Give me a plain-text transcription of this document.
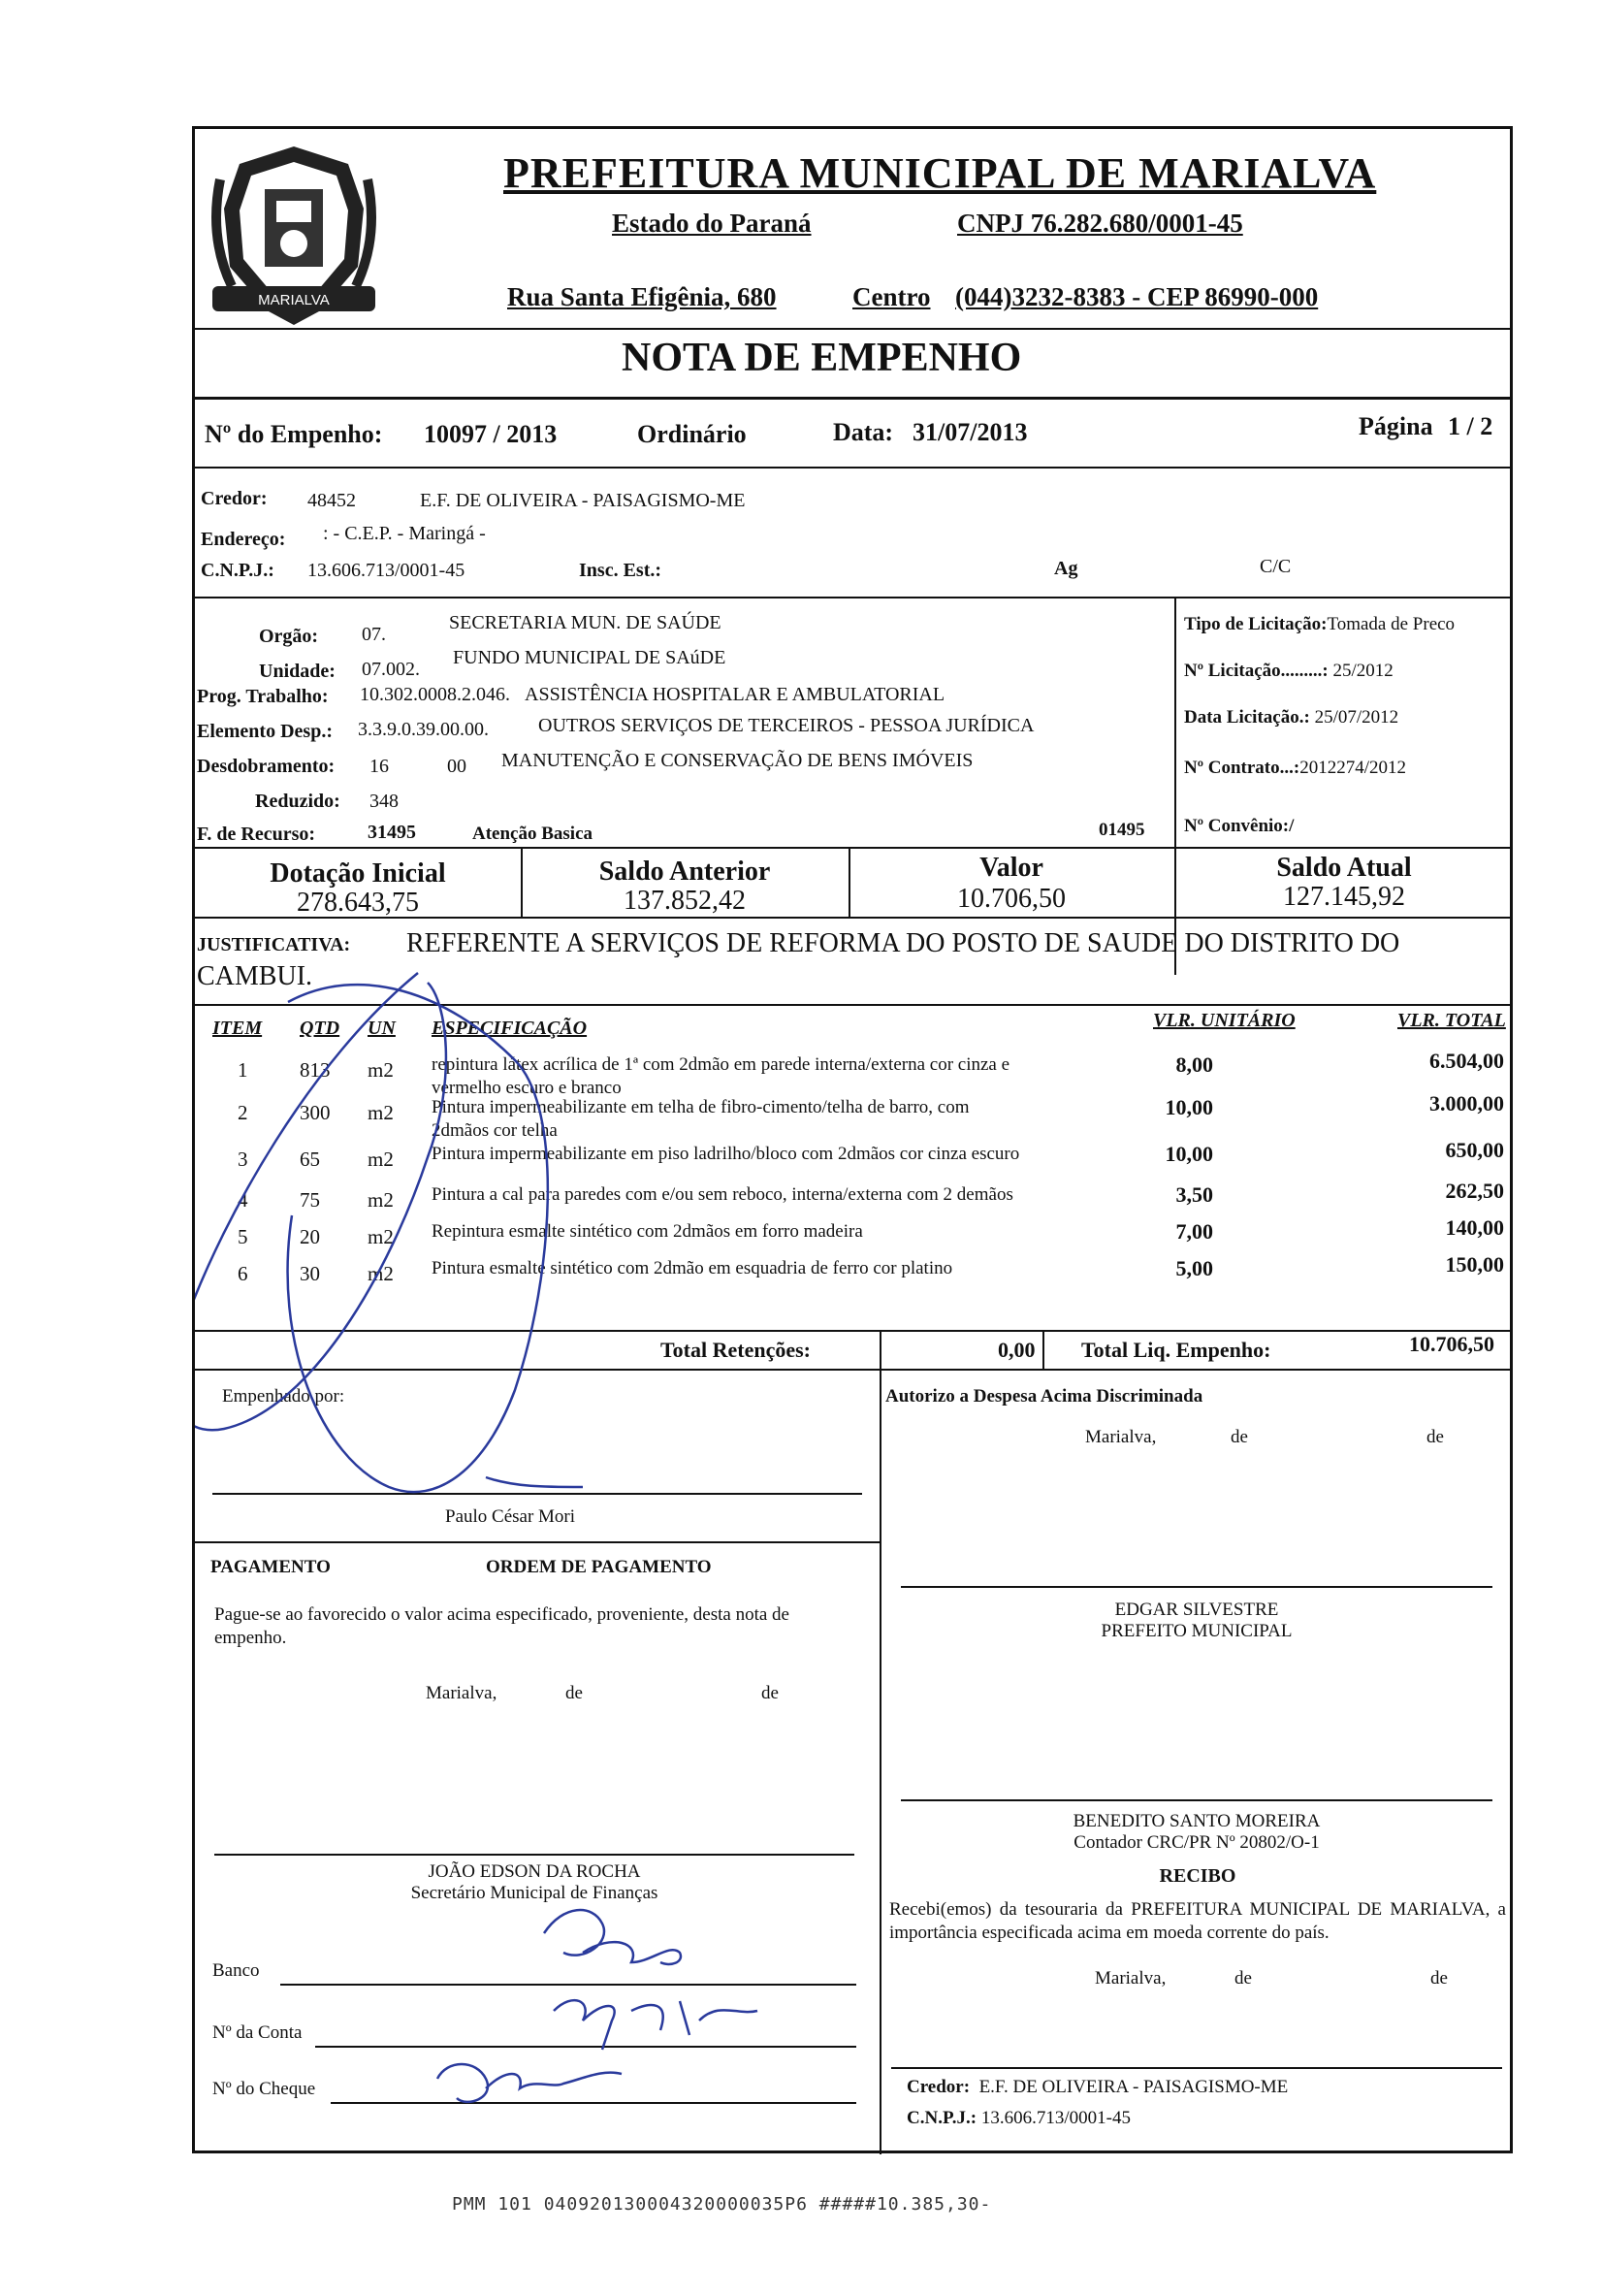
MARIALVA
PREFEITURA MUNICIPAL DE MARIALVA
Estado do Paraná	CNPJ 76.282.680/0001-45
Rua Santa Efigênia, 680	Centro (044)3232-8383 - CEP 86990-000
NOTA DE EMPENHO
Nº do Empenho: 10097 / 2013	Ordinário	Data: 31/07/2013	Página 1 / 2
Credor: 48452	E.F. DE OLIVEIRA - PAISAGISMO-ME
Endereço: : - C.E.P. - Maringá -
C.N.P.J.: 13.606.713/0001-45	Insc. Est.:	Ag	C/C
Orgão: 07.
SECRETARIA MUN. DE SAÚDE
Unidade: 07.002.
FUNDO MUNICIPAL DE SAúDE
Prog. Trabalho: 10.302.0008.2.046. ASSISTÊNCIA HOSPITALAR E AMBULATORIAL
Elemento Desp.: 3.3.9.0.39.00.00.	OUTROS SERVIÇOS DE TERCEIROS - PESSOA JURÍDICA
Desdobramento: 16	00 MANUTENÇÃO E CONSERVAÇÃO DE BENS IMÓVEIS
Reduzido: 348
F. de Recurso:	31495	Atenção Basica	01495
Tipo de Licitação:Tomada de Preco
Nº Licitação.........: 25/2012
Data Licitação.: 25/07/2012
Nº Contrato...:2012274/2012
Nº Convênio:/
Dotação Inicial
278.643,75
Saldo Anterior
137.852,42
Valor
10.706,50
Saldo Atual
127.145,92
JUSTIFICATIVA: REFERENTE A SERVIÇOS DE REFORMA DO POSTO DE SAUDE DO DISTRITO DO
CAMBUI.
ITEM QTD UN ESPECIFICAÇÃO	VLR. UNITÁRIO	VLR. TOTAL
1	813 m2 repintura látex acrílica de 1ª com 2dmão em parede interna/externa cor cinza e
vermelho escuro e branco
8,00	6.504,00
2	300 m2 Pintura impermeabilizante em telha de fibro-cimento/telha de barro, com
2dmãos cor telha
10,00	3.000,00
3	65 m2 Pintura impermeabilizante em piso ladrilho/bloco com 2dmãos cor cinza escuro	10,00	650,00
4	75 m2 Pintura a cal para paredes com e/ou sem reboco, interna/externa com 2 demãos	3,50	262,50
5	20 m2 Repintura esmalte sintético com 2dmãos em forro madeira	7,00	140,00
6	30 m2 Pintura esmalte sintético com 2dmão em esquadria de ferro cor platino	5,00	150,00
Total Retenções:	0,00 Total Liq. Empenho:	10.706,50
Empenhado por:
Paulo César Mori
Autorizo a Despesa Acima Discriminada
Marialva,	de	de
PAGAMENTO	ORDEM DE PAGAMENTO
Pague-se ao favorecido o valor acima especificado, proveniente, desta nota de empenho.
Marialva,	de	de
EDGAR SILVESTRE
PREFEITO MUNICIPAL
BENEDITO SANTO MOREIRA
Contador CRC/PR Nº 20802/O-1
JOÃO EDSON DA ROCHA
Secretário Municipal de Finanças
RECIBO
Recebi(emos) da tesouraria da PREFEITURA MUNICIPAL DE MARIALVA, a importância especificada acima em moeda corrente do país.
Marialva,	de	de
Banco
Nº da Conta
Nº do Cheque	Credor: E.F. DE OLIVEIRA - PAISAGISMO-ME
C.N.P.J.: 13.606.713/0001-45
PMM 101 040920130004320000035P6 #####10.385,30-
